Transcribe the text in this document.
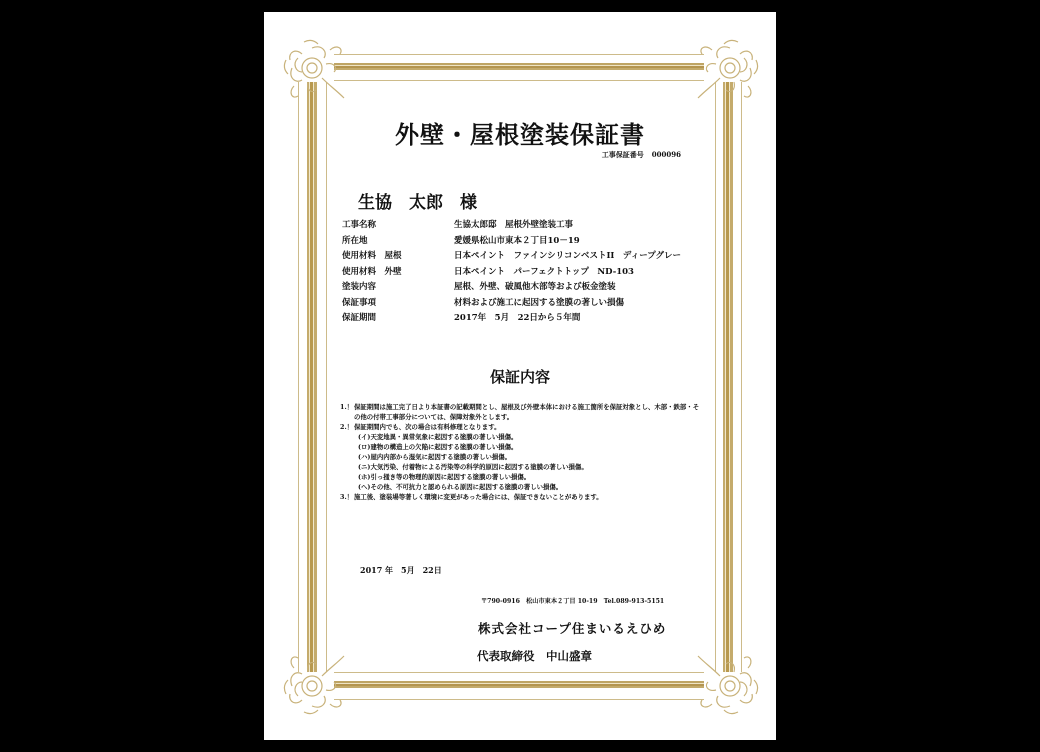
外壁・屋根塗装保証書
工事保証番号 000096
生協　太郎　様
工事名称	生協太郎邸　屋根外壁塗装工事
所在地	愛媛県松山市東本２丁目10－19
使用材料　屋根	日本ペイント　ファインシリコンベストII　ディープグレー
使用材料　外壁	日本ペイント　パーフェクトトップ　ND-103
塗装内容	屋根、外壁、破風他木部等および板金塗装
保証事項	材料および施工に起因する塗膜の著しい損傷
保証期間	2017年　5月　22日から５年間
保証内容
1.！ 保証期間は施工完了日より本証書の記載期間とし、屋根及び外壁本体における施工箇所を保証対象とし、木部・鉄部・その他の付帯工事部分については、保障対象外とします。
2.！ 保証期間内でも、次の場合は有料修理となります。
(イ)天変地異・異常気象に起因する塗膜の著しい損傷。
(ロ)建物の構造上の欠陥に起因する塗膜の著しい損傷。
(ハ)屋内内部から湿気に起因する塗膜の著しい損傷。
(ニ)大気汚染、付着物による汚染等の科学的原因に起因する塗膜の著しい損傷。
(ホ)引っ掻き等の物理的原因に起因する塗膜の著しい損傷。
(ヘ)その他、不可抗力と認められる原因に起因する塗膜の著しい損傷。
3.！ 施工後、塗装場等著しく環境に変更があった場合には、保証できないことがあります。
2017 年　5月　22日
〒790-0916　松山市東本２丁目 10-19　Tel.089-913-5151
株式会社コープ住まいるえひめ
代表取締役　中山盛章
